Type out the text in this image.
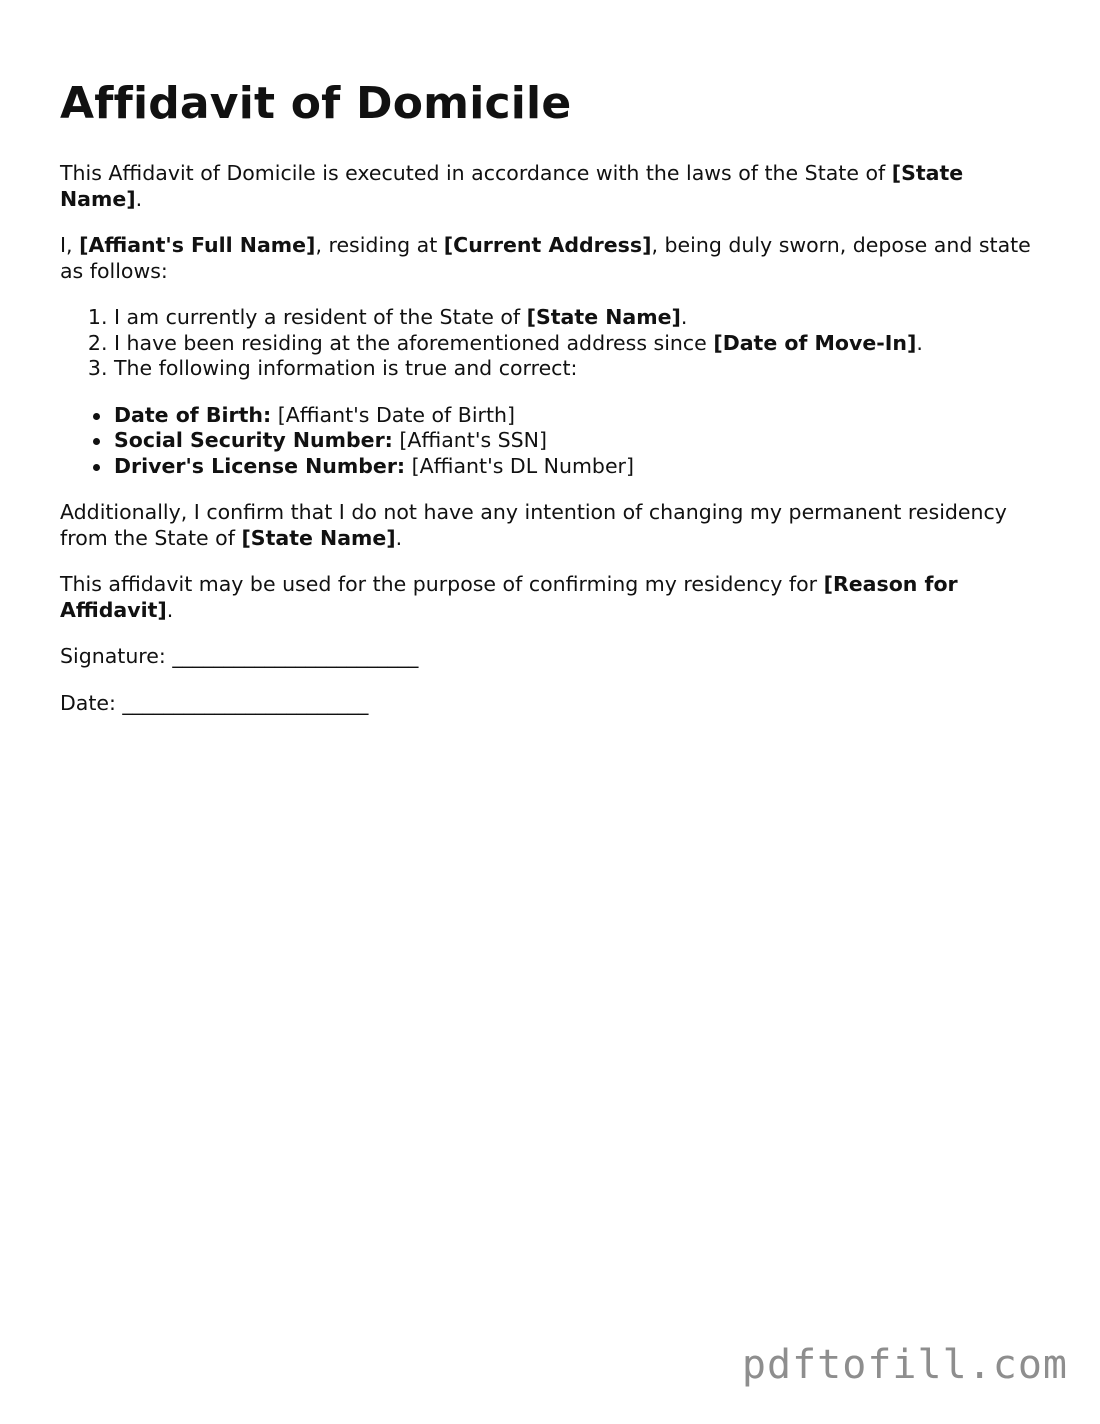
Affidavit of Domicile

This Affidavit of Domicile is executed in accordance with the laws of the State of [State Name].

I, [Affiant's Full Name], residing at [Current Address], being duly sworn, depose and state as follows:

1. I am currently a resident of the State of [State Name].
2. I have been residing at the aforementioned address since [Date of Move-In].
3. The following information is true and correct:
Date of Birth: [Affiant's Date of Birth]
Social Security Number: [Affiant's SSN]
Driver's License Number: [Affiant's DL Number]

Additionally, I confirm that I do not have any intention of changing my permanent residency from the State of [State Name].

This affidavit may be used for the purpose of confirming my residency for [Reason for Affidavit].

Signature: ________________________

Date: ________________________

pdftofill.com
